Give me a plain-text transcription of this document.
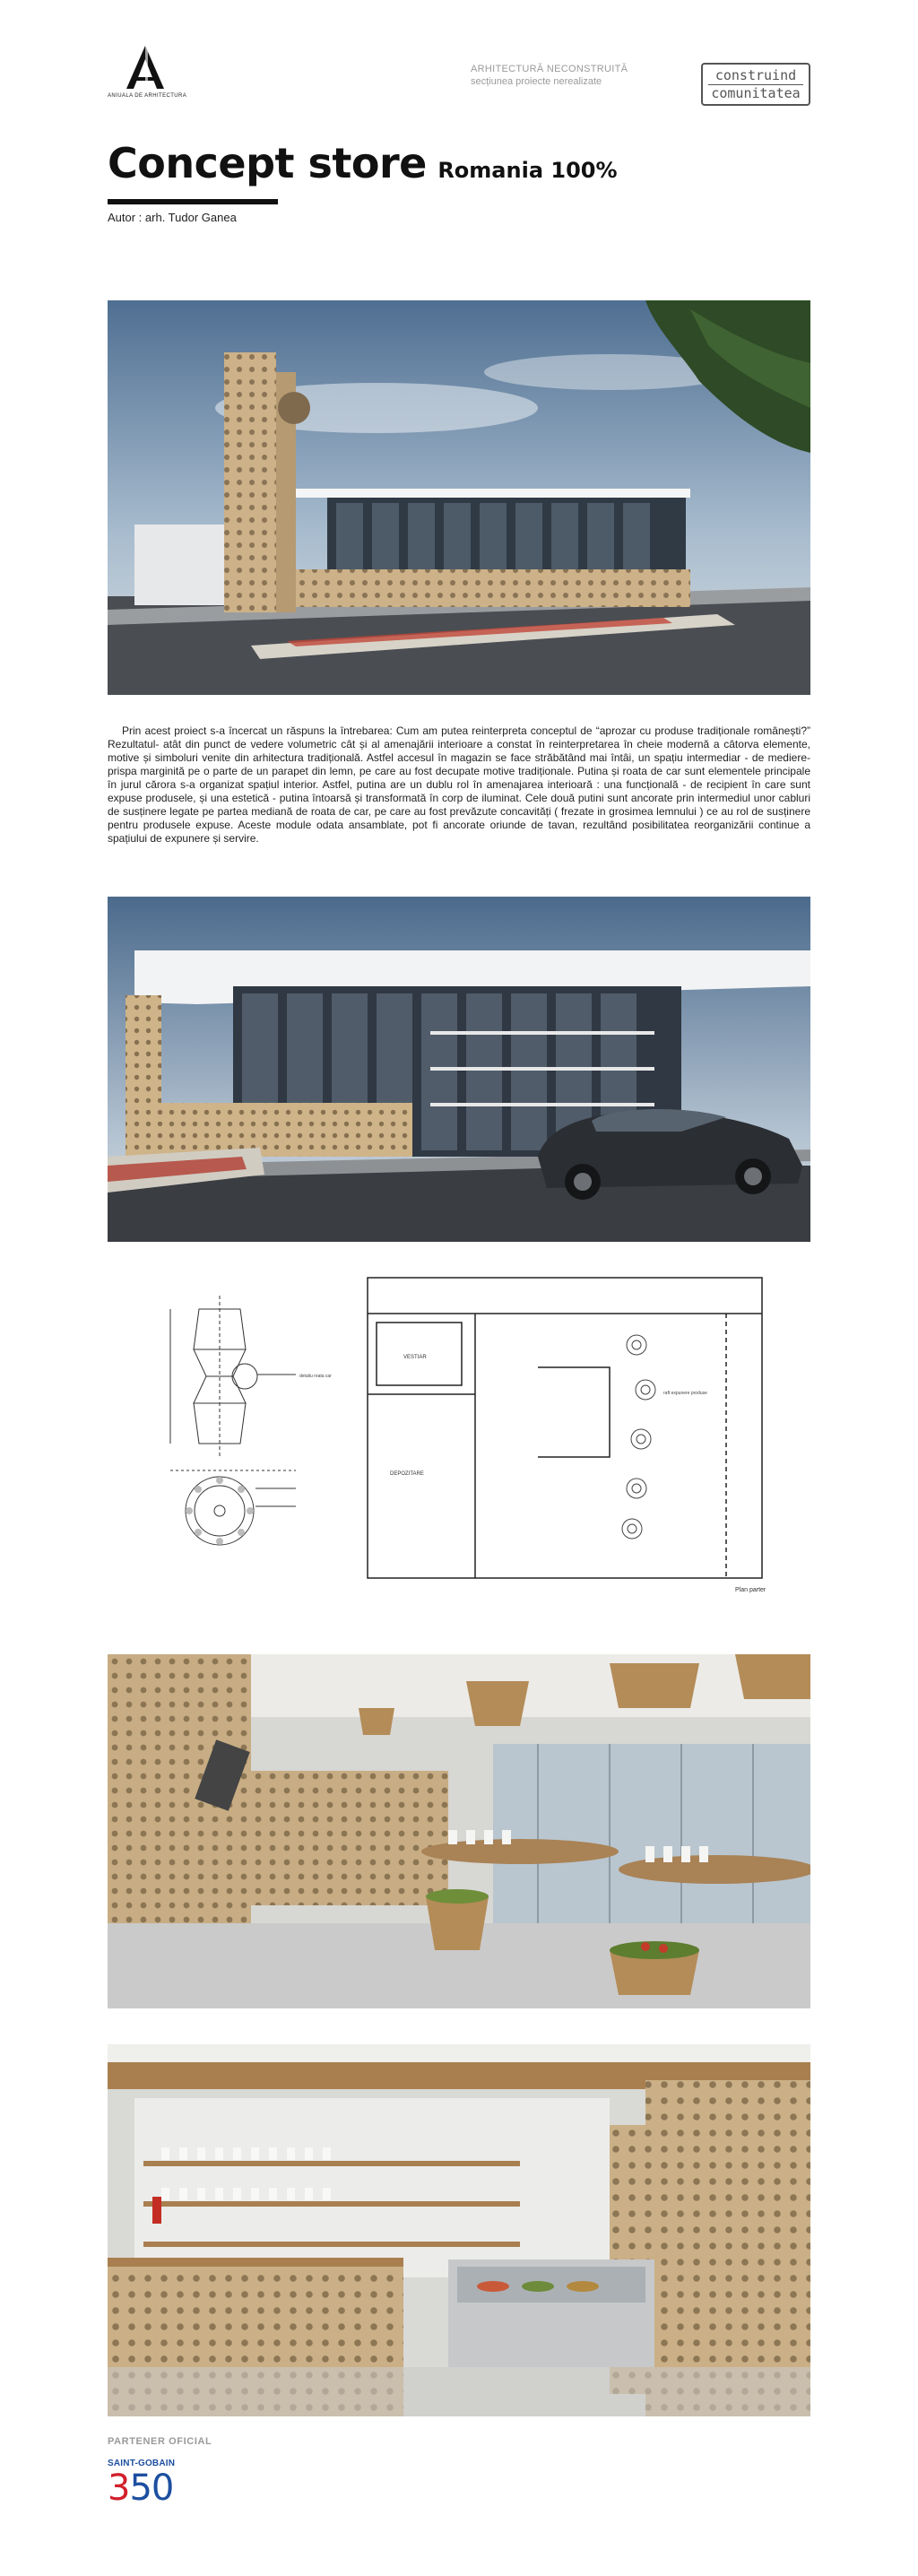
ANIUALA DE ARHITECTURA
ARHITECTURĂ NECONSTRUITĂ
secțiunea proiecte nerealizate	construind
comunitatea
Concept store Romania 100%
Autor : arh. Tudor Ganea
Prin acest proiect s-a încercat un răspuns la întrebarea: Cum am putea reinterpreta conceptul de “aprozar cu produse tradiționale românești?” Rezultatul- atât din punct de vedere volumetric cât și al amenajării interioare a constat în reinterpretarea în cheie modernă a câtorva elemente, motive și simboluri venite din arhitectura tradițională. Astfel accesul în magazin se face străbătând mai întâi, un spațiu intermediar - de mediere- prispa marginită pe o parte de un parapet din lemn, pe care au fost decupate motive tradiționale. Putina și roata de car sunt elementele principale în jurul cărora s-a organizat spațiul interior. Astfel, putina are un dublu rol în amenajarea interioară : una funcțională - de recipient în care sunt expuse produsele, și una estetică - putina întoarsă și transformată în corp de iluminat. Cele două putini sunt ancorate prin intermediul unor cabluri de susținere legate pe partea mediană de roata de car, pe care au fost prevăzute concavități ( frezate in grosimea lemnului ) ce au rol de susținere pentru produsele expuse. Aceste module odata ansamblate, pot fi ancorate oriunde de tavan, rezultând posibilitatea reorganizării continue a spațiului de expunere și servire.
detaliu roata car
VESTIAR
DEPOZITARE
raft expunere produse
Plan parter
PARTENER OFICIAL
SAINT-GOBAIN
350
